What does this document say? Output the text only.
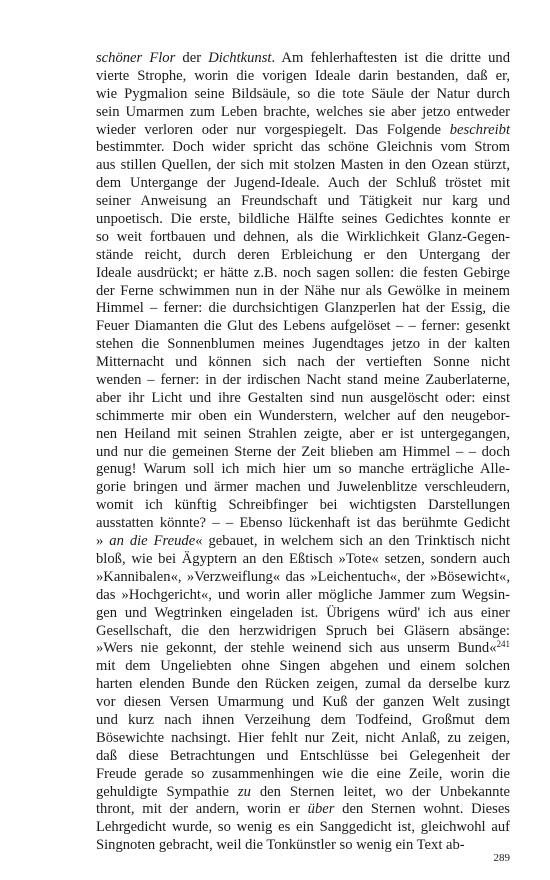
schöner Flor der Dichtkunst. Am fehlerhaftesten ist die dritte und
vierte Strophe, worin die vorigen Ideale darin bestanden, daß er,
wie Pygmalion seine Bildsäule, so die tote Säule der Natur durch
sein Umarmen zum Leben brachte, welches sie aber jetzo entweder
wieder verloren oder nur vorgespiegelt. Das Folgende beschreibt
bestimmter. Doch wider spricht das schöne Gleichnis vom Strom
aus stillen Quellen, der sich mit stolzen Masten in den Ozean stürzt,
dem Untergange der Jugend-Ideale. Auch der Schluß tröstet mit
seiner Anweisung an Freundschaft und Tätigkeit nur karg und
unpoetisch. Die erste, bildliche Hälfte seines Gedichtes konnte er
so weit fortbauen und dehnen, als die Wirklichkeit Glanz-Gegen-
stände reicht, durch deren Erbleichung er den Untergang der
Ideale ausdrückt; er hätte z.B. noch sagen sollen: die festen Gebirge
der Ferne schwimmen nun in der Nähe nur als Gewölke in meinem
Himmel – ferner: die durchsichtigen Glanzperlen hat der Essig, die
Feuer Diamanten die Glut des Lebens aufgelöset – – ferner: gesenkt
stehen die Sonnenblumen meines Jugendtages jetzo in der kalten
Mitternacht und können sich nach der vertieften Sonne nicht
wenden – ferner: in der irdischen Nacht stand meine Zauberlaterne,
aber ihr Licht und ihre Gestalten sind nun ausgelöscht oder: einst
schimmerte mir oben ein Wunderstern, welcher auf den neugebor-
nen Heiland mit seinen Strahlen zeigte, aber er ist untergegangen,
und nur die gemeinen Sterne der Zeit blieben am Himmel – – doch
genug! Warum soll ich mich hier um so manche erträgliche Alle-
gorie bringen und ärmer machen und Juwelenblitze verschleudern,
womit ich künftig Schreibfinger bei wichtigsten Darstellungen
ausstatten könnte? – – Ebenso lückenhaft ist das berühmte Gedicht
» an die Freude« gebauet, in welchem sich an den Trinktisch nicht
bloß, wie bei Ägyptern an den Eßtisch »Tote« setzen, sondern auch
»Kannibalen«, »Verzweiflung« das »Leichentuch«, der »Bösewicht«,
das »Hochgericht«, und worin aller mögliche Jammer zum Wegsin-
gen und Wegtrinken eingeladen ist. Übrigens würd' ich aus einer
Gesellschaft, die den herzwidrigen Spruch bei Gläsern absänge:
»Wers nie gekonnt, der stehle weinend sich aus unserm Bund«$^{241}$
mit dem Ungeliebten ohne Singen abgehen und einem solchen
harten elenden Bunde den Rücken zeigen, zumal da derselbe kurz
vor diesen Versen Umarmung und Kuß der ganzen Welt zusingt
und kurz nach ihnen Verzeihung dem Todfeind, Großmut dem
Bösewichte nachsingt. Hier fehlt nur Zeit, nicht Anlaß, zu zeigen,
daß diese Betrachtungen und Entschlüsse bei Gelegenheit der
Freude gerade so zusammenhingen wie die eine Zeile, worin die
gehuldigte Sympathie zu den Sternen leitet, wo der Unbekannte
thront, mit der andern, worin er über den Sternen wohnt. Dieses
Lehrgedicht wurde, so wenig es ein Sanggedicht ist, gleichwohl auf
Singnoten gebracht, weil die Tonkünstler so wenig ein Text ab-
289
